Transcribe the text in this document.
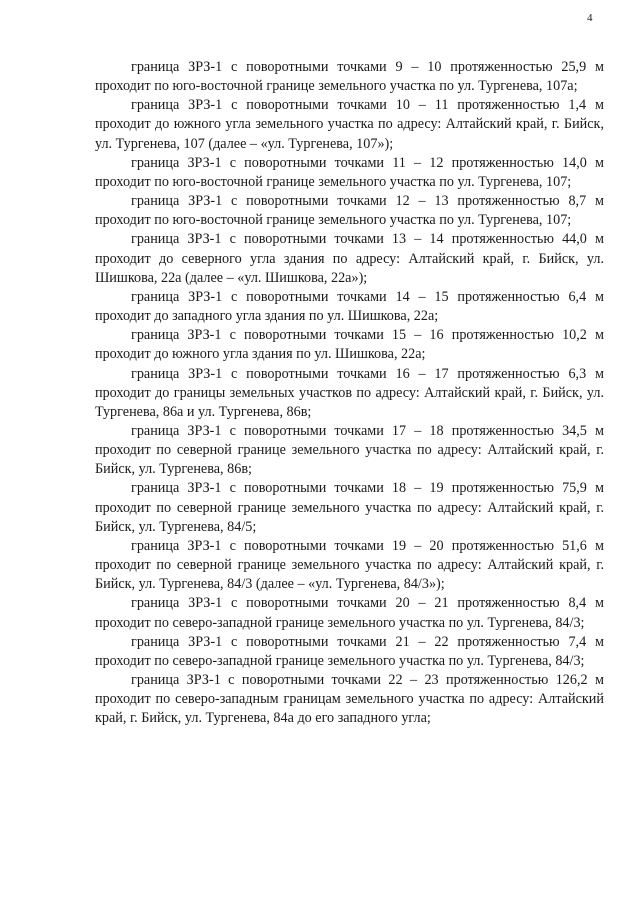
4

граница ЗРЗ-1 с поворотными точками 9 – 10 протяженностью 25,9 м проходит по юго-восточной границе земельного участка по ул. Тургенева, 107а;

граница ЗРЗ-1 с поворотными точками 10 – 11 протяженностью 1,4 м проходит до южного угла земельного участка по адресу: Алтайский край, г. Бийск, ул. Тургенева, 107 (далее – «ул. Тургенева, 107»);

граница ЗРЗ-1 с поворотными точками 11 – 12 протяженностью 14,0 м проходит по юго-восточной границе земельного участка по ул. Тургенева, 107;

граница ЗРЗ-1 с поворотными точками 12 – 13 протяженностью 8,7 м проходит по юго-восточной границе земельного участка по ул. Тургенева, 107;

граница ЗРЗ-1 с поворотными точками 13 – 14 протяженностью 44,0 м проходит до северного угла здания по адресу: Алтайский край, г. Бийск, ул. Шишкова, 22а (далее – «ул. Шишкова, 22а»);

граница ЗРЗ-1 с поворотными точками 14 – 15 протяженностью 6,4 м проходит до западного угла здания по ул. Шишкова, 22а;

граница ЗРЗ-1 с поворотными точками 15 – 16 протяженностью 10,2 м проходит до южного угла здания по ул. Шишкова, 22а;

граница ЗРЗ-1 с поворотными точками 16 – 17 протяженностью 6,3 м проходит до границы земельных участков по адресу: Алтайский край, г. Бийск, ул. Тургенева, 86а и ул. Тургенева, 86в;

граница ЗРЗ-1 с поворотными точками 17 – 18 протяженностью 34,5 м проходит по северной границе земельного участка по адресу: Алтайский край, г. Бийск, ул. Тургенева, 86в;

граница ЗРЗ-1 с поворотными точками 18 – 19 протяженностью 75,9 м проходит по северной границе земельного участка по адресу: Алтайский край, г. Бийск, ул. Тургенева, 84/5;

граница ЗРЗ-1 с поворотными точками 19 – 20 протяженностью 51,6 м проходит по северной границе земельного участка по адресу: Алтайский край, г. Бийск, ул. Тургенева, 84/3 (далее – «ул. Тургенева, 84/3»);

граница ЗРЗ-1 с поворотными точками 20 – 21 протяженностью 8,4 м проходит по северо-западной границе земельного участка по ул. Тургенева, 84/3;

граница ЗРЗ-1 с поворотными точками 21 – 22 протяженностью 7,4 м проходит по северо-западной границе земельного участка по ул. Тургенева, 84/3;

граница ЗРЗ-1 с поворотными точками 22 – 23 протяженностью 126,2 м проходит по северо-западным границам земельного участка по адресу: Алтайский край, г. Бийск, ул. Тургенева, 84а до его западного угла;
